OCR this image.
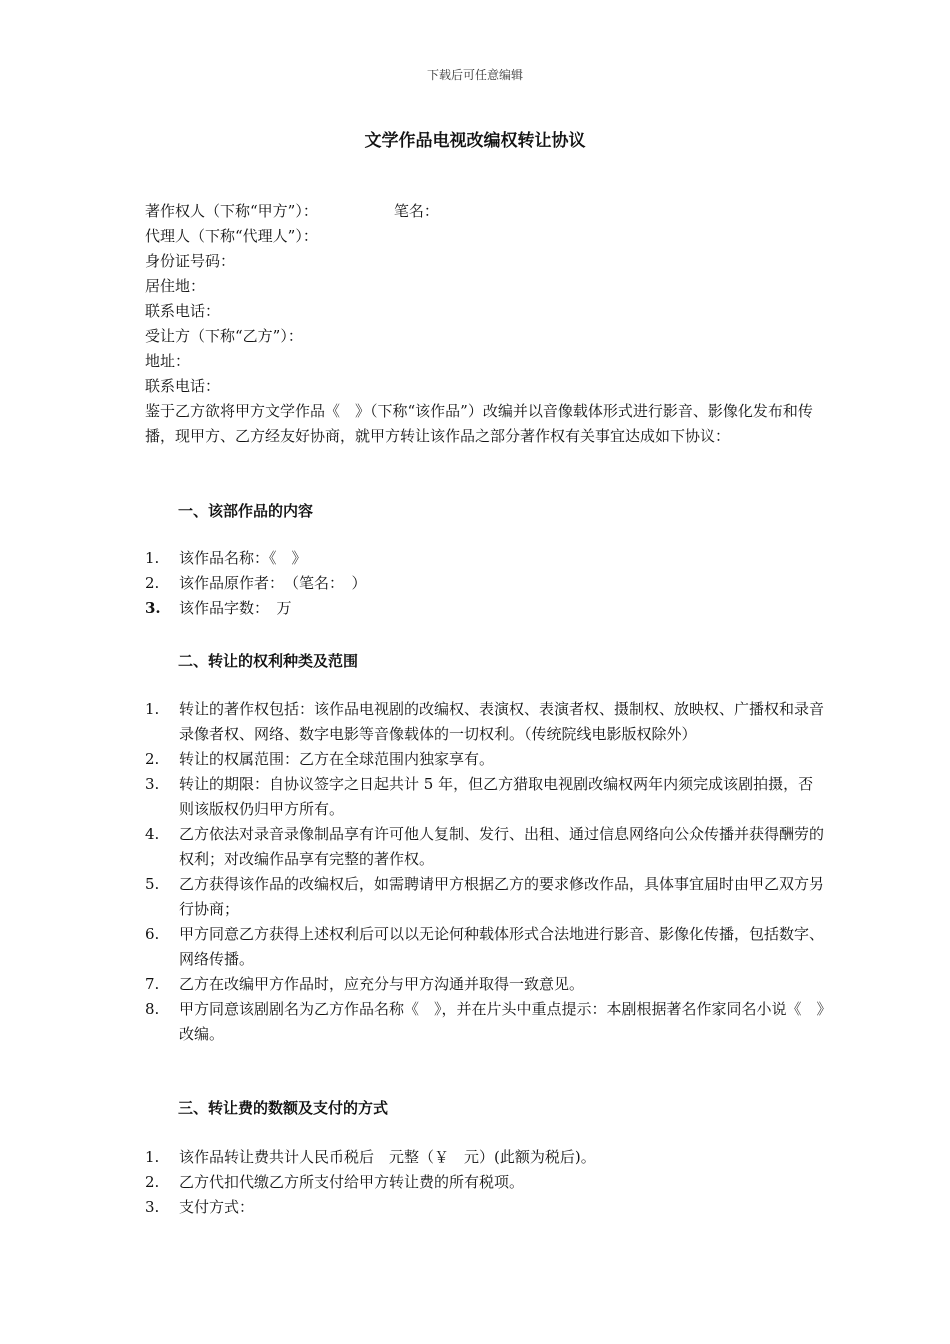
下载后可任意编辑
文学作品电视改编权转让协议
著作权人（下称“甲方”）：	笔名：
代理人（下称“代理人”）：
身份证号码：
居住地：
联系电话：
受让方（下称“乙方”）：
地址：
联系电话：
鉴于乙方欲将甲方文学作品《　》（下称“该作品”）改编并以音像载体形式进行影音、影像化发布和传播，现甲方、乙方经友好协商，就甲方转让该作品之部分著作权有关事宜达成如下协议：
一、该部作品的内容
1.	该作品名称：《　》
2.	该作品原作者：　（笔名：　）
3.	该作品字数：　万
二、转让的权利种类及范围
1.	转让的著作权包括：该作品电视剧的改编权、表演权、表演者权、摄制权、放映权、广播权和录音录像者权、网络、数字电影等音像载体的一切权利。（传统院线电影版权除外）
2.	转让的权属范围：乙方在全球范围内独家享有。
3.	转让的期限：自协议签字之日起共计 5 年，但乙方猎取电视剧改编权两年内须完成该剧拍摄，否则该版权仍归甲方所有。
4.	乙方依法对录音录像制品享有许可他人复制、发行、出租、通过信息网络向公众传播并获得酬劳的权利；对改编作品享有完整的著作权。
5.	乙方获得该作品的改编权后，如需聘请甲方根据乙方的要求修改作品，具体事宜届时由甲乙双方另行协商；
6.	甲方同意乙方获得上述权利后可以以无论何种载体形式合法地进行影音、影像化传播，包括数字、网络传播。
7.	乙方在改编甲方作品时，应充分与甲方沟通并取得一致意见。
8.	甲方同意该剧剧名为乙方作品名称《　》，并在片头中重点提示：本剧根据著名作家同名小说《　》改编。
三、转让费的数额及支付的方式
1.	该作品转让费共计人民币税后　元整（￥　元）(此额为税后)。
2.	乙方代扣代缴乙方所支付给甲方转让费的所有税项。
3.	支付方式：
